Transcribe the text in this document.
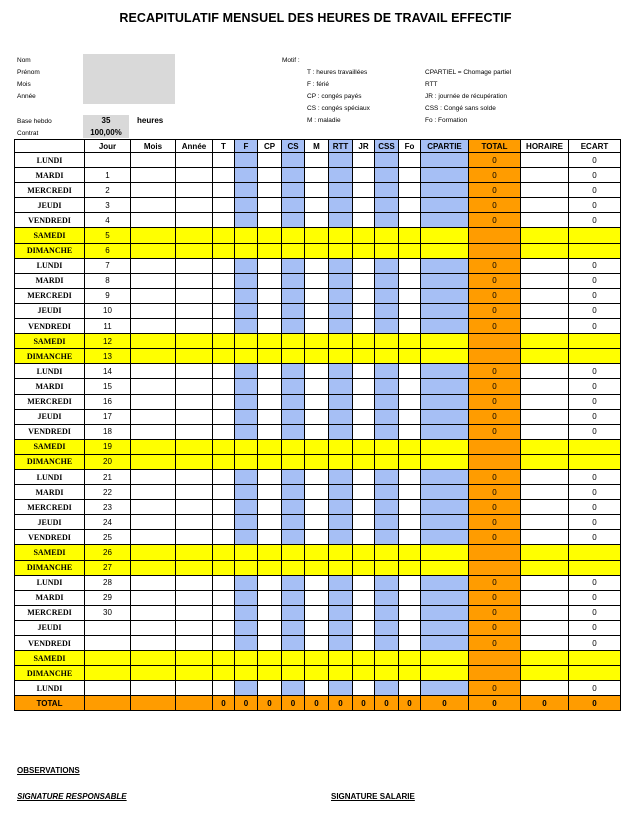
RECAPITULATIF MENSUEL DES HEURES DE TRAVAIL EFFECTIF
Nom
Prénom
Mois
Année
Base hebdo	35	heures
Contrat	100,00%
Motif :
T : heures travaillées
F : férié
CP : congés payés
CS : congés spéciaux
M : maladie
CPARTIEL = Chomage partiel
RTT
JR : journée de récupération
CSS : Congé sans solde
Fo : Formation
	Jour	Mois	Année	T	F	CP	CS	M	RTT	JR	CSS	Fo	CPARTIE	TOTAL	HORAIRE	ECART
LUNDI														0		0
MARDI	1													0		0
MERCREDI	2													0		0
JEUDI	3													0		0
VENDREDI	4													0		0
SAMEDI	5															
DIMANCHE	6															
LUNDI	7													0		0
MARDI	8													0		0
MERCREDI	9													0		0
JEUDI	10													0		0
VENDREDI	11													0		0
SAMEDI	12															
DIMANCHE	13															
LUNDI	14													0		0
MARDI	15													0		0
MERCREDI	16													0		0
JEUDI	17													0		0
VENDREDI	18													0		0
SAMEDI	19															
DIMANCHE	20															
LUNDI	21													0		0
MARDI	22													0		0
MERCREDI	23													0		0
JEUDI	24													0		0
VENDREDI	25													0		0
SAMEDI	26															
DIMANCHE	27															
LUNDI	28													0		0
MARDI	29													0		0
MERCREDI	30													0		0
JEUDI														0		0
VENDREDI														0		0
SAMEDI																
DIMANCHE																
LUNDI														0		0
TOTAL				0	0	0	0	0	0	0	0	0	0	0	0	0
OBSERVATIONS
SIGNATURE RESPONSABLE	SIGNATURE SALARIE
